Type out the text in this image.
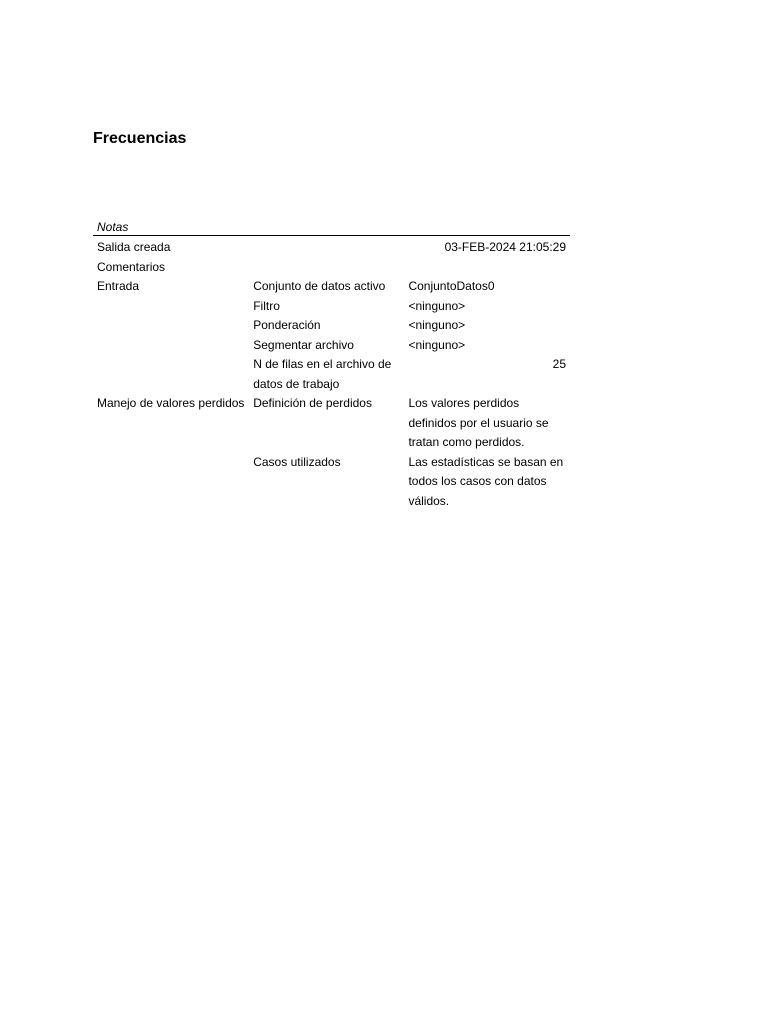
Frecuencias
Notas
Salida creada		03-FEB-2024 21:05:29
Comentarios		
Entrada	Conjunto de datos activo	ConjuntoDatos0
	Filtro	<ninguno>
	Ponderación	<ninguno>
	Segmentar archivo	<ninguno>
	N de filas en el archivo de datos de trabajo	25
Manejo de valores perdidos	Definición de perdidos	Los valores perdidos definidos por el usuario se tratan como perdidos.
	Casos utilizados	Las estadísticas se basan en todos los casos con datos válidos.
